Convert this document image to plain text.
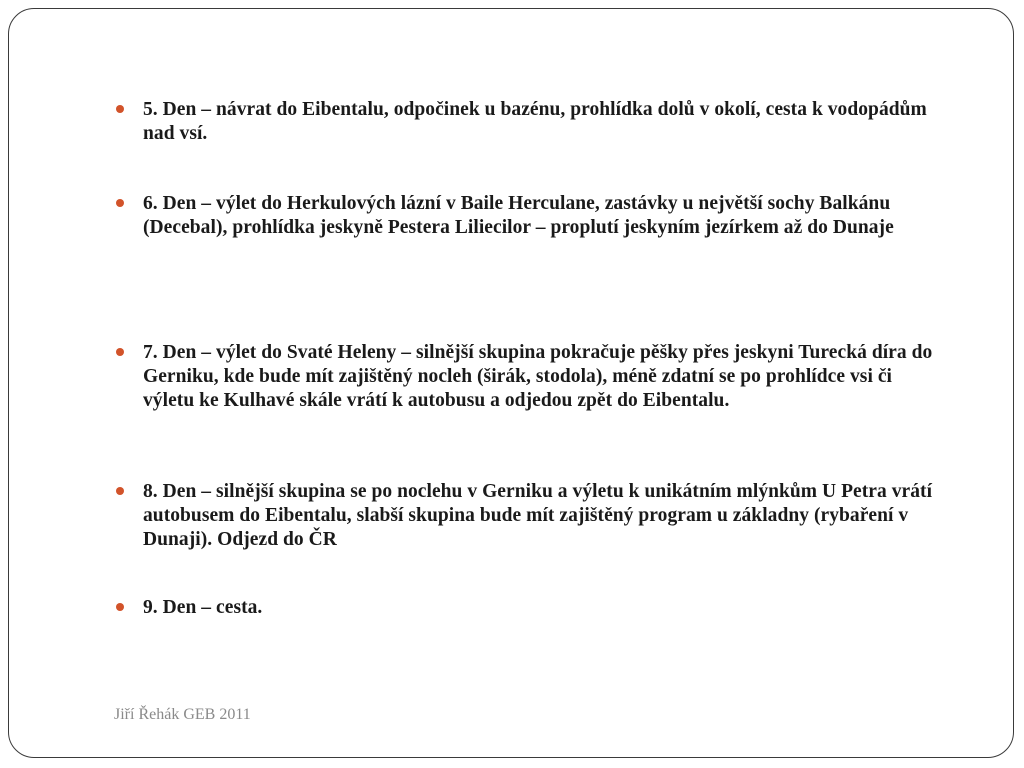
5. Den – návrat do Eibentalu, odpočinek u bazénu, prohlídka dolů v okolí, cesta k vodopádům nad vsí.
6. Den – výlet do Herkulových lázní v Baile Herculane, zastávky u největší sochy Balkánu (Decebal), prohlídka jeskyně Pestera Liliecilor – proplutí jeskyním jezírkem až do Dunaje
7. Den – výlet do Svaté Heleny – silnější skupina pokračuje pěšky přes jeskyni Turecká díra do Gerniku, kde bude mít zajištěný nocleh (širák, stodola), méně zdatní se po prohlídce vsi či výletu ke Kulhavé skále vrátí k autobusu a odjedou zpět do Eibentalu.
8. Den – silnější skupina se po noclehu v Gerniku a výletu k unikátním mlýnkům U Petra vrátí autobusem do Eibentalu, slabší skupina bude mít zajištěný program u základny (rybaření v Dunaji). Odjezd do ČR
9. Den – cesta.
Jiří Řehák GEB 2011
